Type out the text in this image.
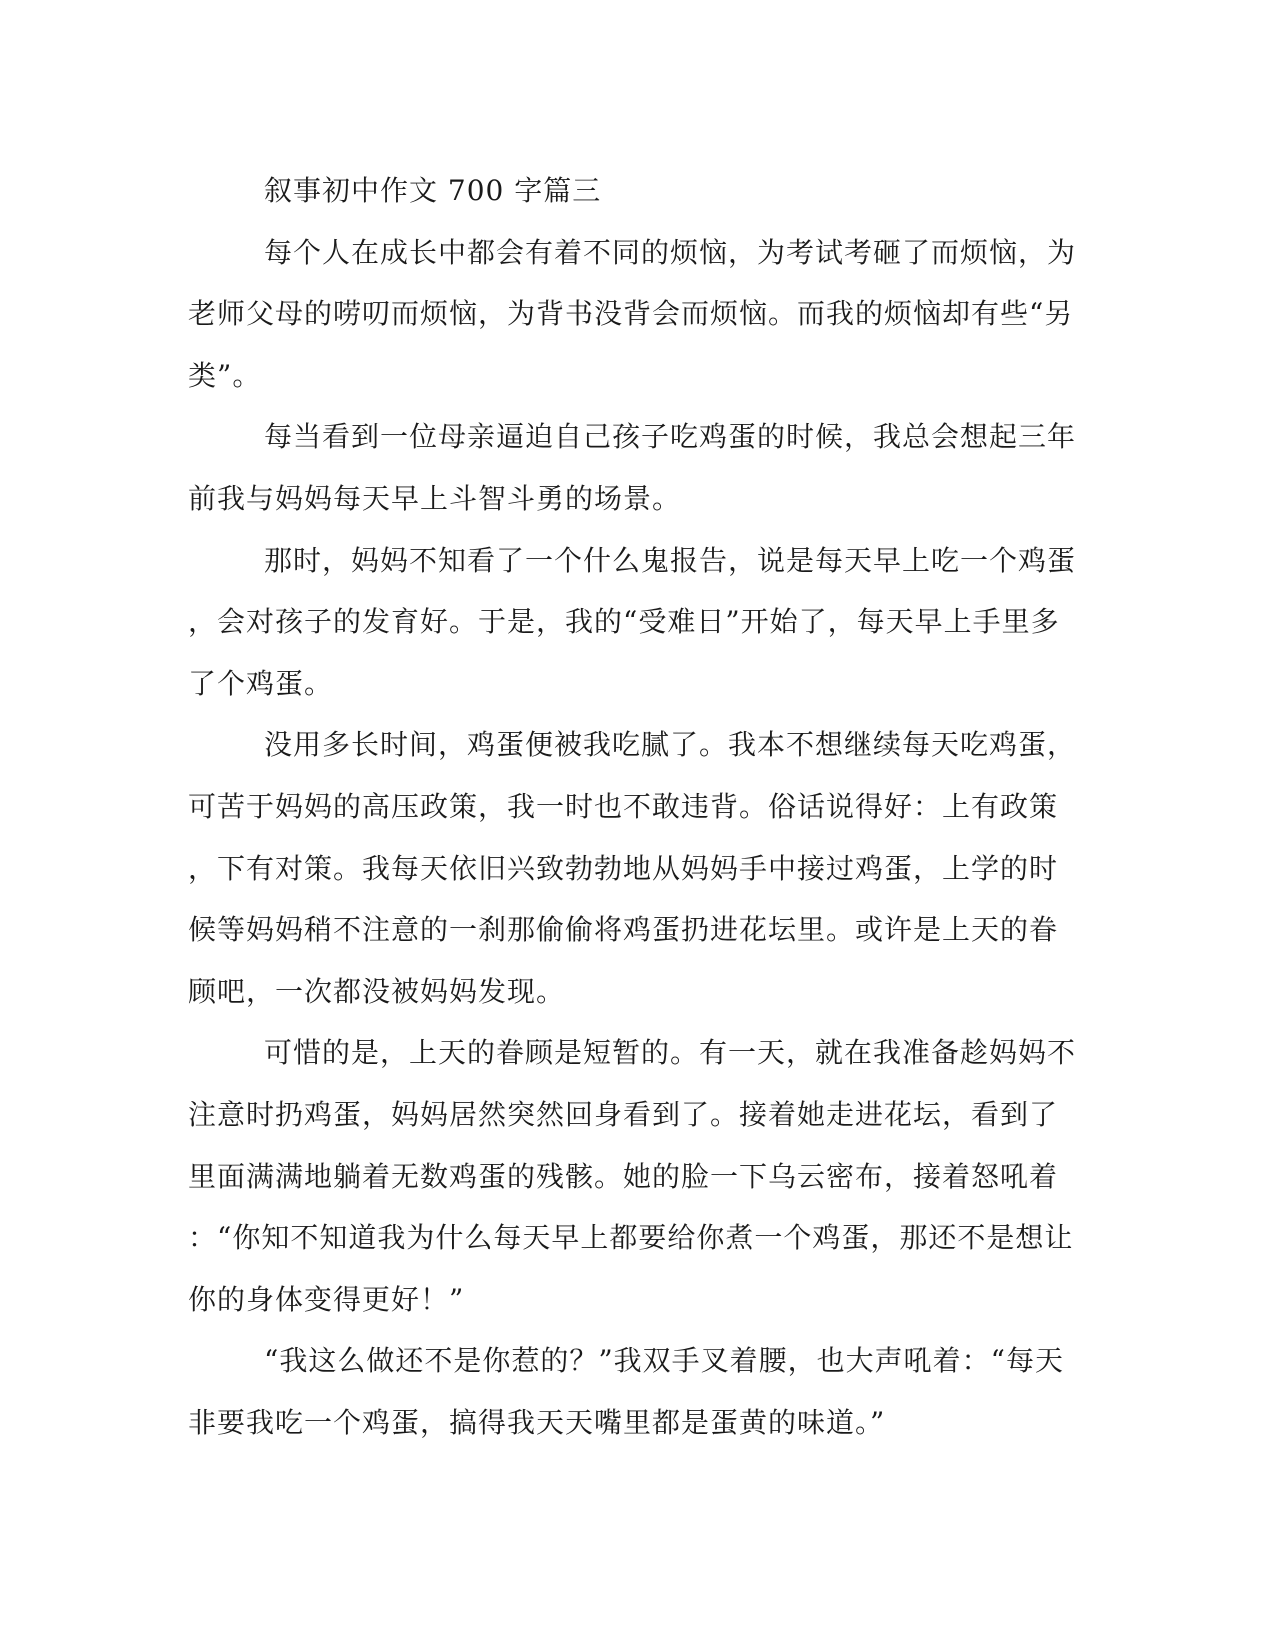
叙事初中作文 700 字篇三
每个人在成长中都会有着不同的烦恼，为考试考砸了而烦恼，为
老师父母的唠叨而烦恼，为背书没背会而烦恼。而我的烦恼却有些“另
类”。
每当看到一位母亲逼迫自己孩子吃鸡蛋的时候，我总会想起三年
前我与妈妈每天早上斗智斗勇的场景。
那时，妈妈不知看了一个什么鬼报告，说是每天早上吃一个鸡蛋
，会对孩子的发育好。于是，我的“受难日”开始了，每天早上手里多
了个鸡蛋。
没用多长时间，鸡蛋便被我吃腻了。我本不想继续每天吃鸡蛋，
可苦于妈妈的高压政策，我一时也不敢违背。俗话说得好：上有政策
，下有对策。我每天依旧兴致勃勃地从妈妈手中接过鸡蛋，上学的时
候等妈妈稍不注意的一刹那偷偷将鸡蛋扔进花坛里。或许是上天的眷
顾吧，一次都没被妈妈发现。
可惜的是，上天的眷顾是短暂的。有一天，就在我准备趁妈妈不
注意时扔鸡蛋，妈妈居然突然回身看到了。接着她走进花坛，看到了
里面满满地躺着无数鸡蛋的残骸。她的脸一下乌云密布，接着怒吼着
：“你知不知道我为什么每天早上都要给你煮一个鸡蛋，那还不是想让
你的身体变得更好！”
“我这么做还不是你惹的？”我双手叉着腰，也大声吼着：“每天
非要我吃一个鸡蛋，搞得我天天嘴里都是蛋黄的味道。”
